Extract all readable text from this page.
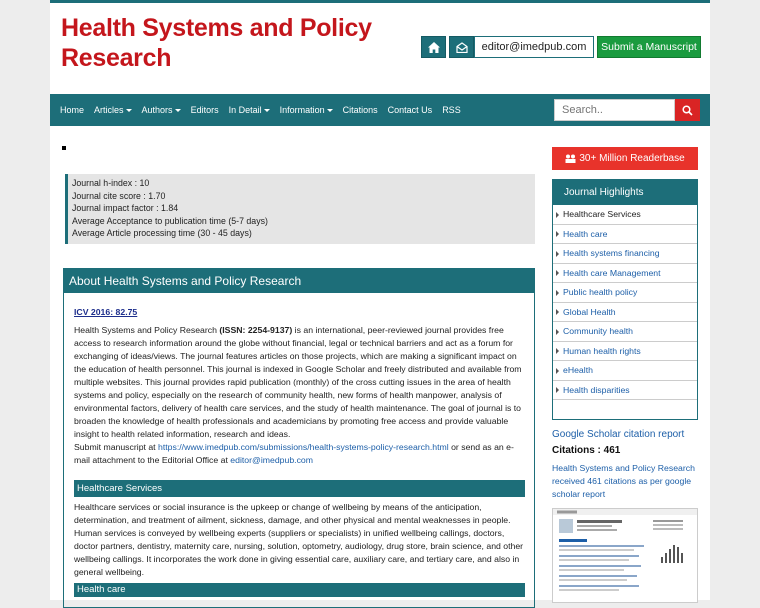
Health Systems and Policy
Research	editor@imedpub.com	Submit a Manuscript
Home Articles	Authors	Editors In Detail	Information	Citations Contact Us RSS
Search..
Journal h-index : 10
Journal cite score : 1.70
Journal impact factor : 1.84
Average Acceptance to publication time (5-7 days)
Average Article processing time (30 - 45 days)
About Health Systems and Policy Research
ICV 2016: 82.75

Health Systems and Policy Research (ISSN: 2254-9137) is an international, peer-reviewed journal provides free access to research information around the globe without financial, legal or technical barriers and act as a forum for exchanging of ideas/views. The journal features articles on those projects, which are making a significant impact on the education of health personnel. This journal is indexed in Google Scholar and freely distributed and available from multiple websites. This journal provides rapid publication (monthly) of the cross cutting issues in the area of health systems and policy, especially on the research of community health, new forms of health manpower, analysis of environmental factors, delivery of health care services, and the study of health maintenance. The goal of journal is to broaden the knowledge of health professionals and academicians by promoting free access and provide valuable insight to health related information, research and ideas.

Submit manuscript at https://www.imedpub.com/submissions/health-systems-policy-research.html or send as an e-mail attachment to the Editorial Office at editor@imedpub.com

Healthcare Services

Healthcare services or social insurance is the upkeep or change of wellbeing by means of the anticipation, determination, and treatment of ailment, sickness, damage, and other physical and mental weaknesses in people. Human services is conveyed by wellbeing experts (suppliers or specialists) in unified wellbeing callings, doctors, doctor partners, dentistry, maternity care, nursing, solution, optometry, audiology, drug store, brain science, and other wellbeing callings. It incorporates the work done in giving essential care, auxiliary care, and tertiary care, and also in general wellbeing.

Health care
30+ Million Readerbase
Journal Highlights
Healthcare Services
Health care
Health systems financing
Health care Management
Public health policy
Global Health
Community health
Human health rights
eHealth
Health disparities
Google Scholar citation report
Citations : 461
Health Systems and Policy Research received 461 citations as per google scholar report
